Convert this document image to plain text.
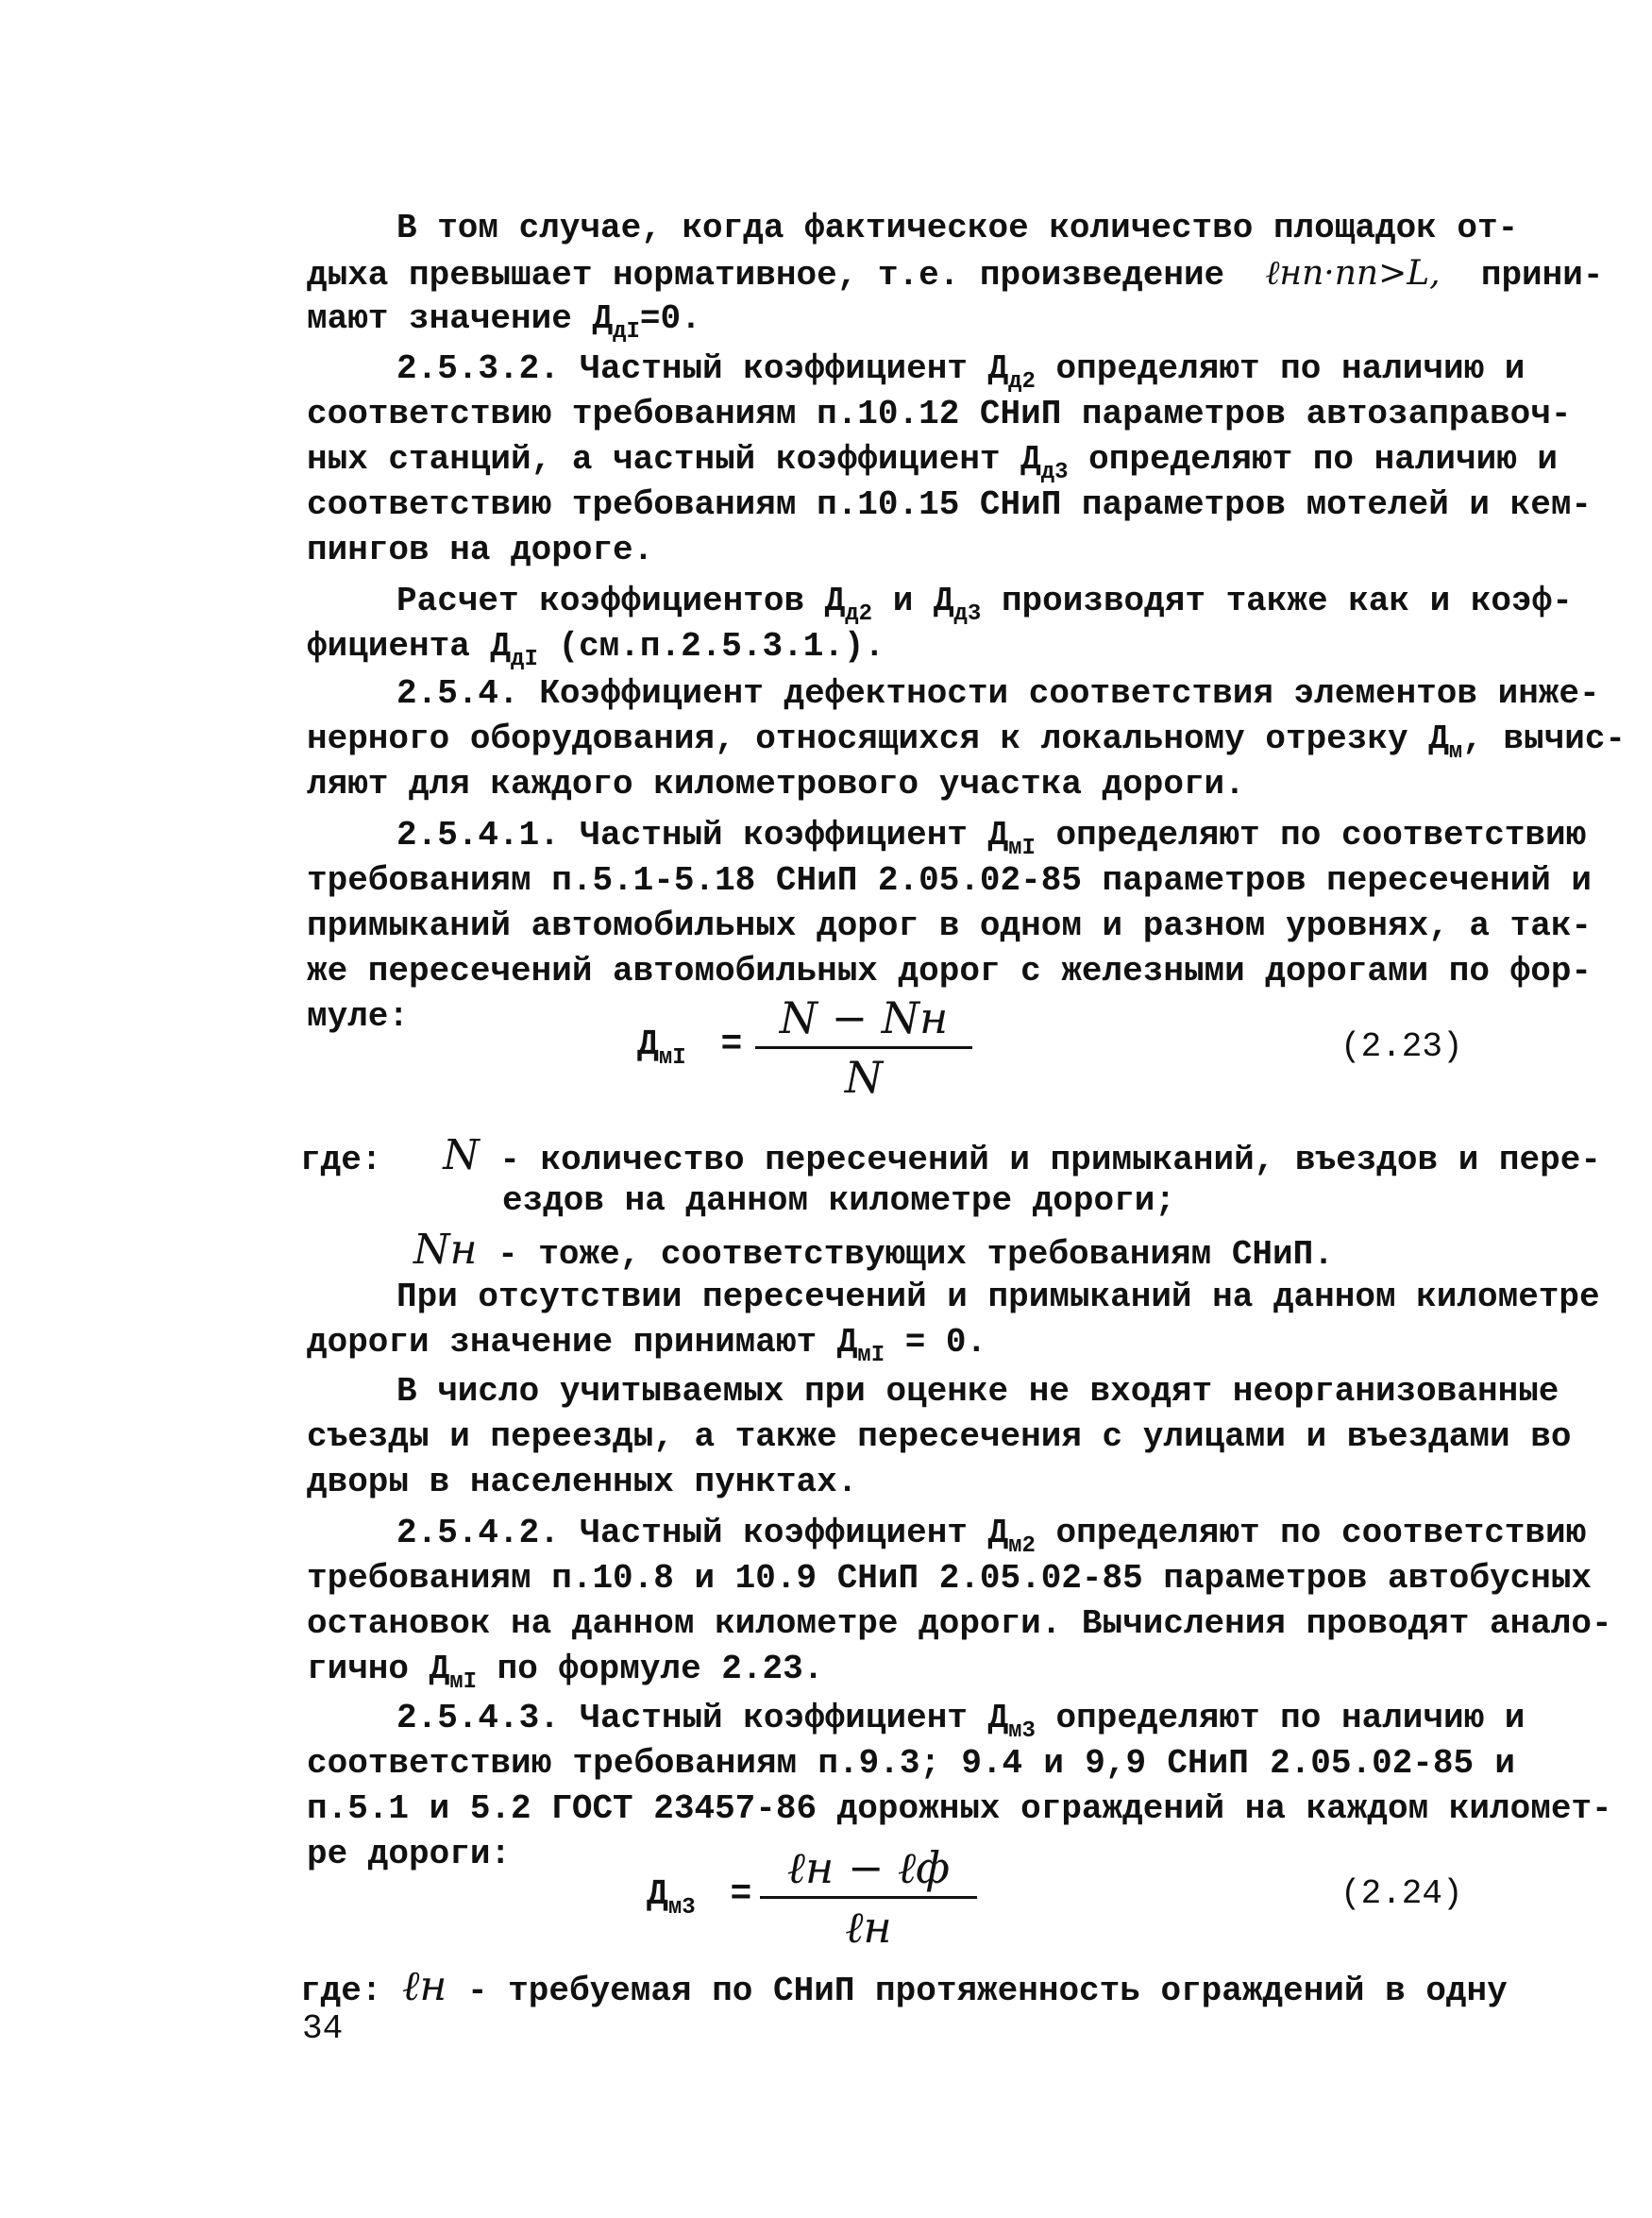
В том случае, когда фактическое количество площадок от-
дыха превышает нормативное, т.е. произведение ℓнп·nп>L, прини-
мают значение $Д_{дI}=0$.
2.5.3.2. Частный коэффициент $Д_{д2}$ определяют по наличию и
соответствию требованиям п.10.12 СНиП параметров автозаправоч-
ных станций, а частный коэффициент $Д_{д3}$ определяют по наличию и
соответствию требованиям п.10.15 СНиП параметров мотелей и кем-
пингов на дороге.
Расчет коэффициентов $Д_{д2}$ и $Д_{д3}$ производят также как и коэф-
фициента $Д_{дI}$ (см.п.2.5.3.1.).
2.5.4. Коэффициент дефектности соответствия элементов инже-
нерного оборудования, относящихся к локальному отрезку $Д_м$, вычис-
ляют для каждого километрового участка дороги.
2.5.4.1. Частный коэффициент $Д_{мI}$ определяют по соответствию
требованиям п.5.1-5.18 СНиП 2.05.02-85 параметров пересечений и
примыканий автомобильных дорог в одном и разном уровнях, а так-
же пересечений автомобильных дорог с железными дорогами по фор-
муле:
$Д_{мI}$ =
N − Nн
N
(2.23)
где: N - количество пересечений и примыканий, въездов и пере-
ездов на данном километре дороги;
Nн - тоже, соответствующих требованиям СНиП.
При отсутствии пересечений и примыканий на данном километре
дороги значение принимают $Д_{мI} = 0$.
В число учитываемых при оценке не входят неорганизованные
съезды и переезды, а также пересечения с улицами и въездами во
дворы в населенных пунктах.
2.5.4.2. Частный коэффициент $Д_{м2}$ определяют по соответствию
требованиям п.10.8 и 10.9 СНиП 2.05.02-85 параметров автобусных
остановок на данном километре дороги. Вычисления проводят анало-
гично $Д_{мI}$ по формуле 2.23.
2.5.4.3. Частный коэффициент $Д_{м3}$ определяют по наличию и
соответствию требованиям п.9.3; 9.4 и 9,9 СНиП 2.05.02-85 и
п.5.1 и 5.2 ГОСТ 23457-86 дорожных ограждений на каждом километ-
ре дороги:
$Д_{м3}$ =
ℓн − ℓф
ℓн
(2.24)
где: ℓн - требуемая по СНиП протяженность ограждений в одну
34
